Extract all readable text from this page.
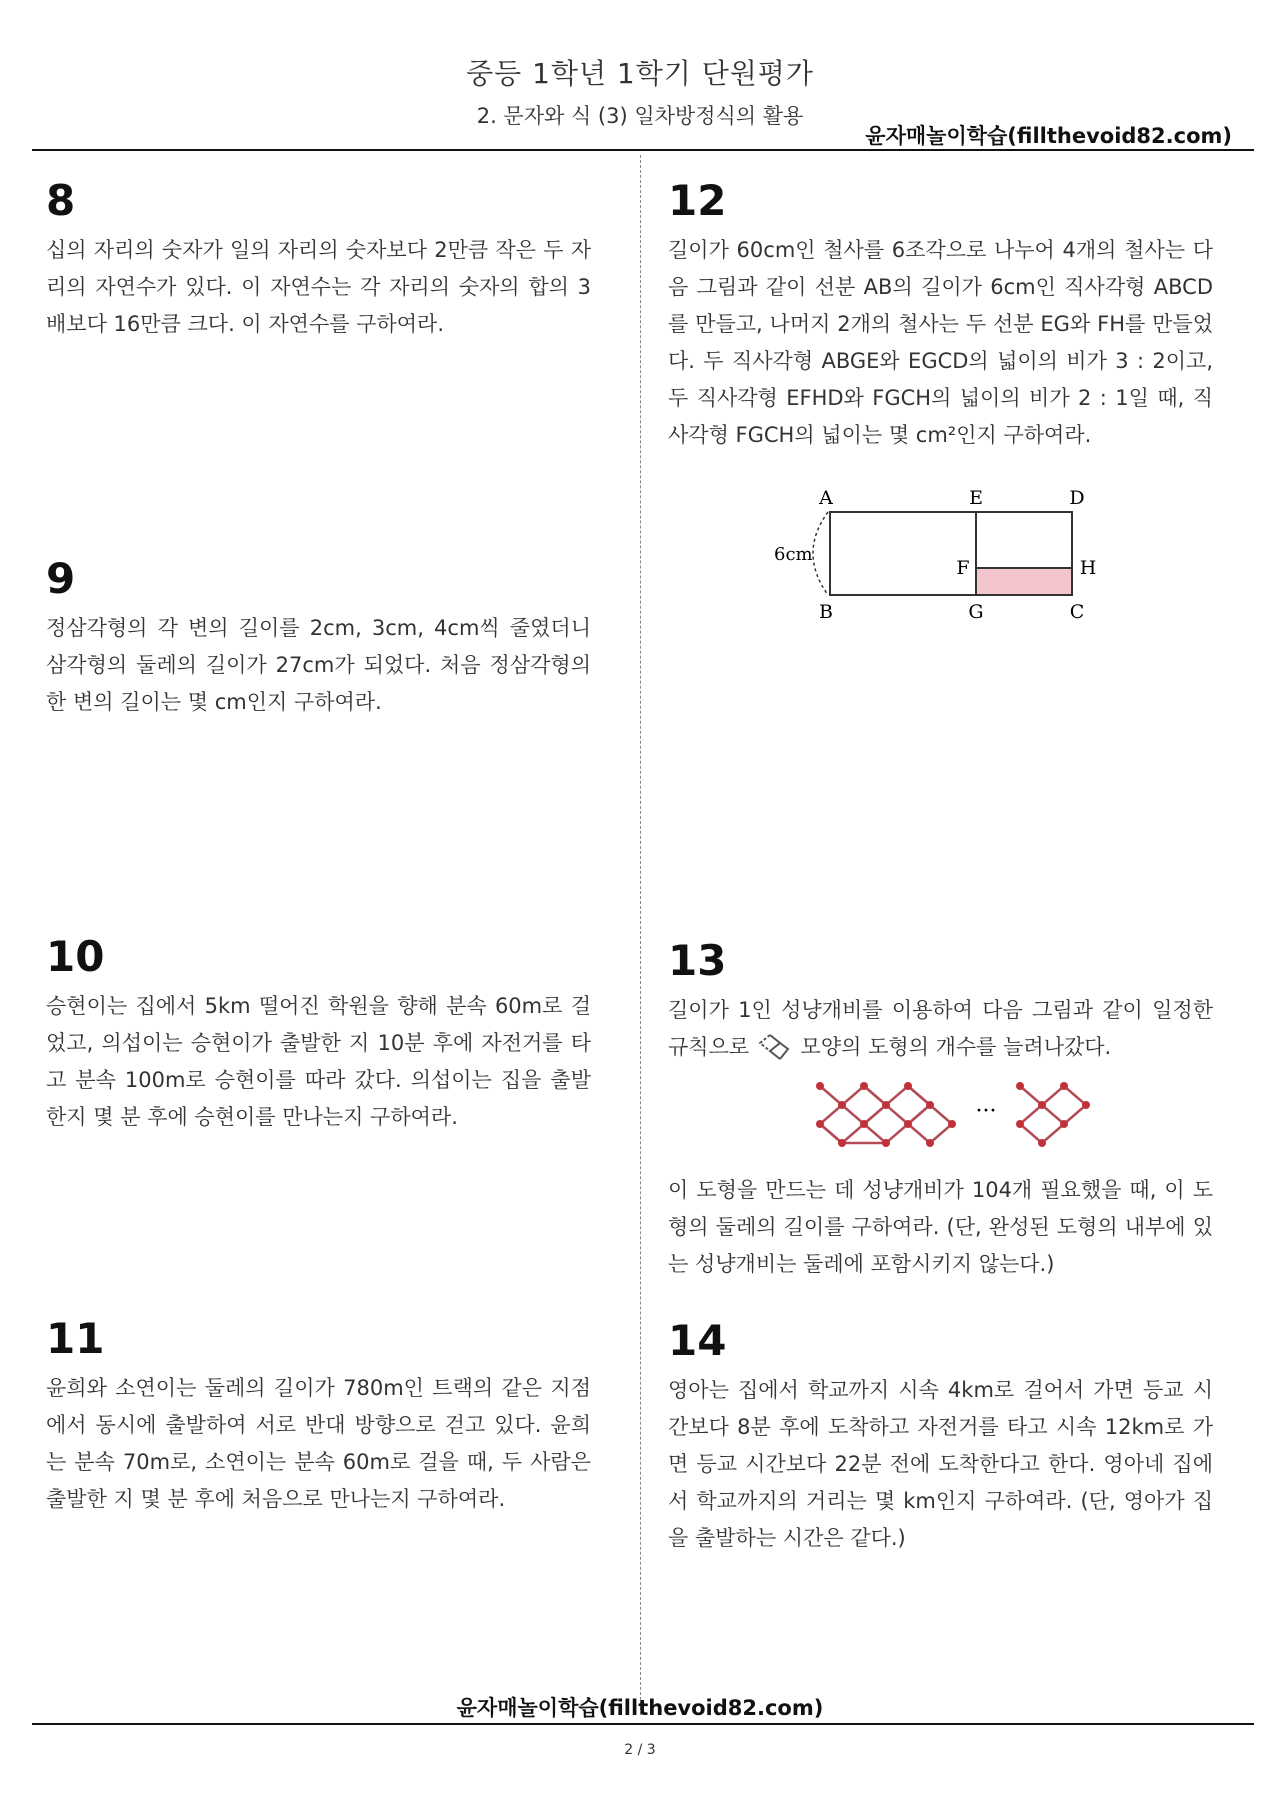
중등 1학년 1학기 단원평가
2. 문자와 식 (3) 일차방정식의 활용
윤자매놀이학습(fillthevoid82.com)
8
십의 자리의 숫자가 일의 자리의 숫자보다 2만큼 작은 두 자리의 자연수가 있다. 이 자연수는 각 자리의 숫자의 합의 3배보다 16만큼 크다. 이 자연수를 구하여라.
9
정삼각형의 각 변의 길이를 2cm, 3cm, 4cm씩 줄였더니 삼각형의 둘레의 길이가 27cm가 되었다. 처음 정삼각형의 한 변의 길이는 몇 cm인지 구하여라.
10
승현이는 집에서 5km 떨어진 학원을 향해 분속 60m로 걸었고, 의섭이는 승현이가 출발한 지 10분 후에 자전거를 타고 분속 100m로 승현이를 따라 갔다. 의섭이는 집을 출발한지 몇 분 후에 승현이를 만나는지 구하여라.
11
윤희와 소연이는 둘레의 길이가 780m인 트랙의 같은 지점에서 동시에 출발하여 서로 반대 방향으로 걷고 있다. 윤희는 분속 70m로, 소연이는 분속 60m로 걸을 때, 두 사람은 출발한 지 몇 분 후에 처음으로 만나는지 구하여라.
12
길이가 60cm인 철사를 6조각으로 나누어 4개의 철사는 다음 그림과 같이 선분 AB의 길이가 6cm인 직사각형 ABCD를 만들고, 나머지 2개의 철사는 두 선분 EG와 FH를 만들었다. 두 직사각형 ABGE와 EGCD의 넓이의 비가 3 : 2이고, 두 직사각형 EFHD와 FGCH의 넓이의 비가 2 : 1일 때, 직사각형 FGCH의 넓이는 몇 cm²인지 구하여라.
A	E	D
B	G	C
F	H
6cm
13
길이가 1인 성냥개비를 이용하여 다음 그림과 같이 일정한 규칙으로 모양의 도형의 개수를 늘려나갔다.
···
이 도형을 만드는 데 성냥개비가 104개 필요했을 때, 이 도형의 둘레의 길이를 구하여라. (단, 완성된 도형의 내부에 있는 성냥개비는 둘레에 포함시키지 않는다.)
14
영아는 집에서 학교까지 시속 4km로 걸어서 가면 등교 시간보다 8분 후에 도착하고 자전거를 타고 시속 12km로 가면 등교 시간보다 22분 전에 도착한다고 한다. 영아네 집에서 학교까지의 거리는 몇 km인지 구하여라. (단, 영아가 집을 출발하는 시간은 같다.)
윤자매놀이학습(fillthevoid82.com)
2 / 3
